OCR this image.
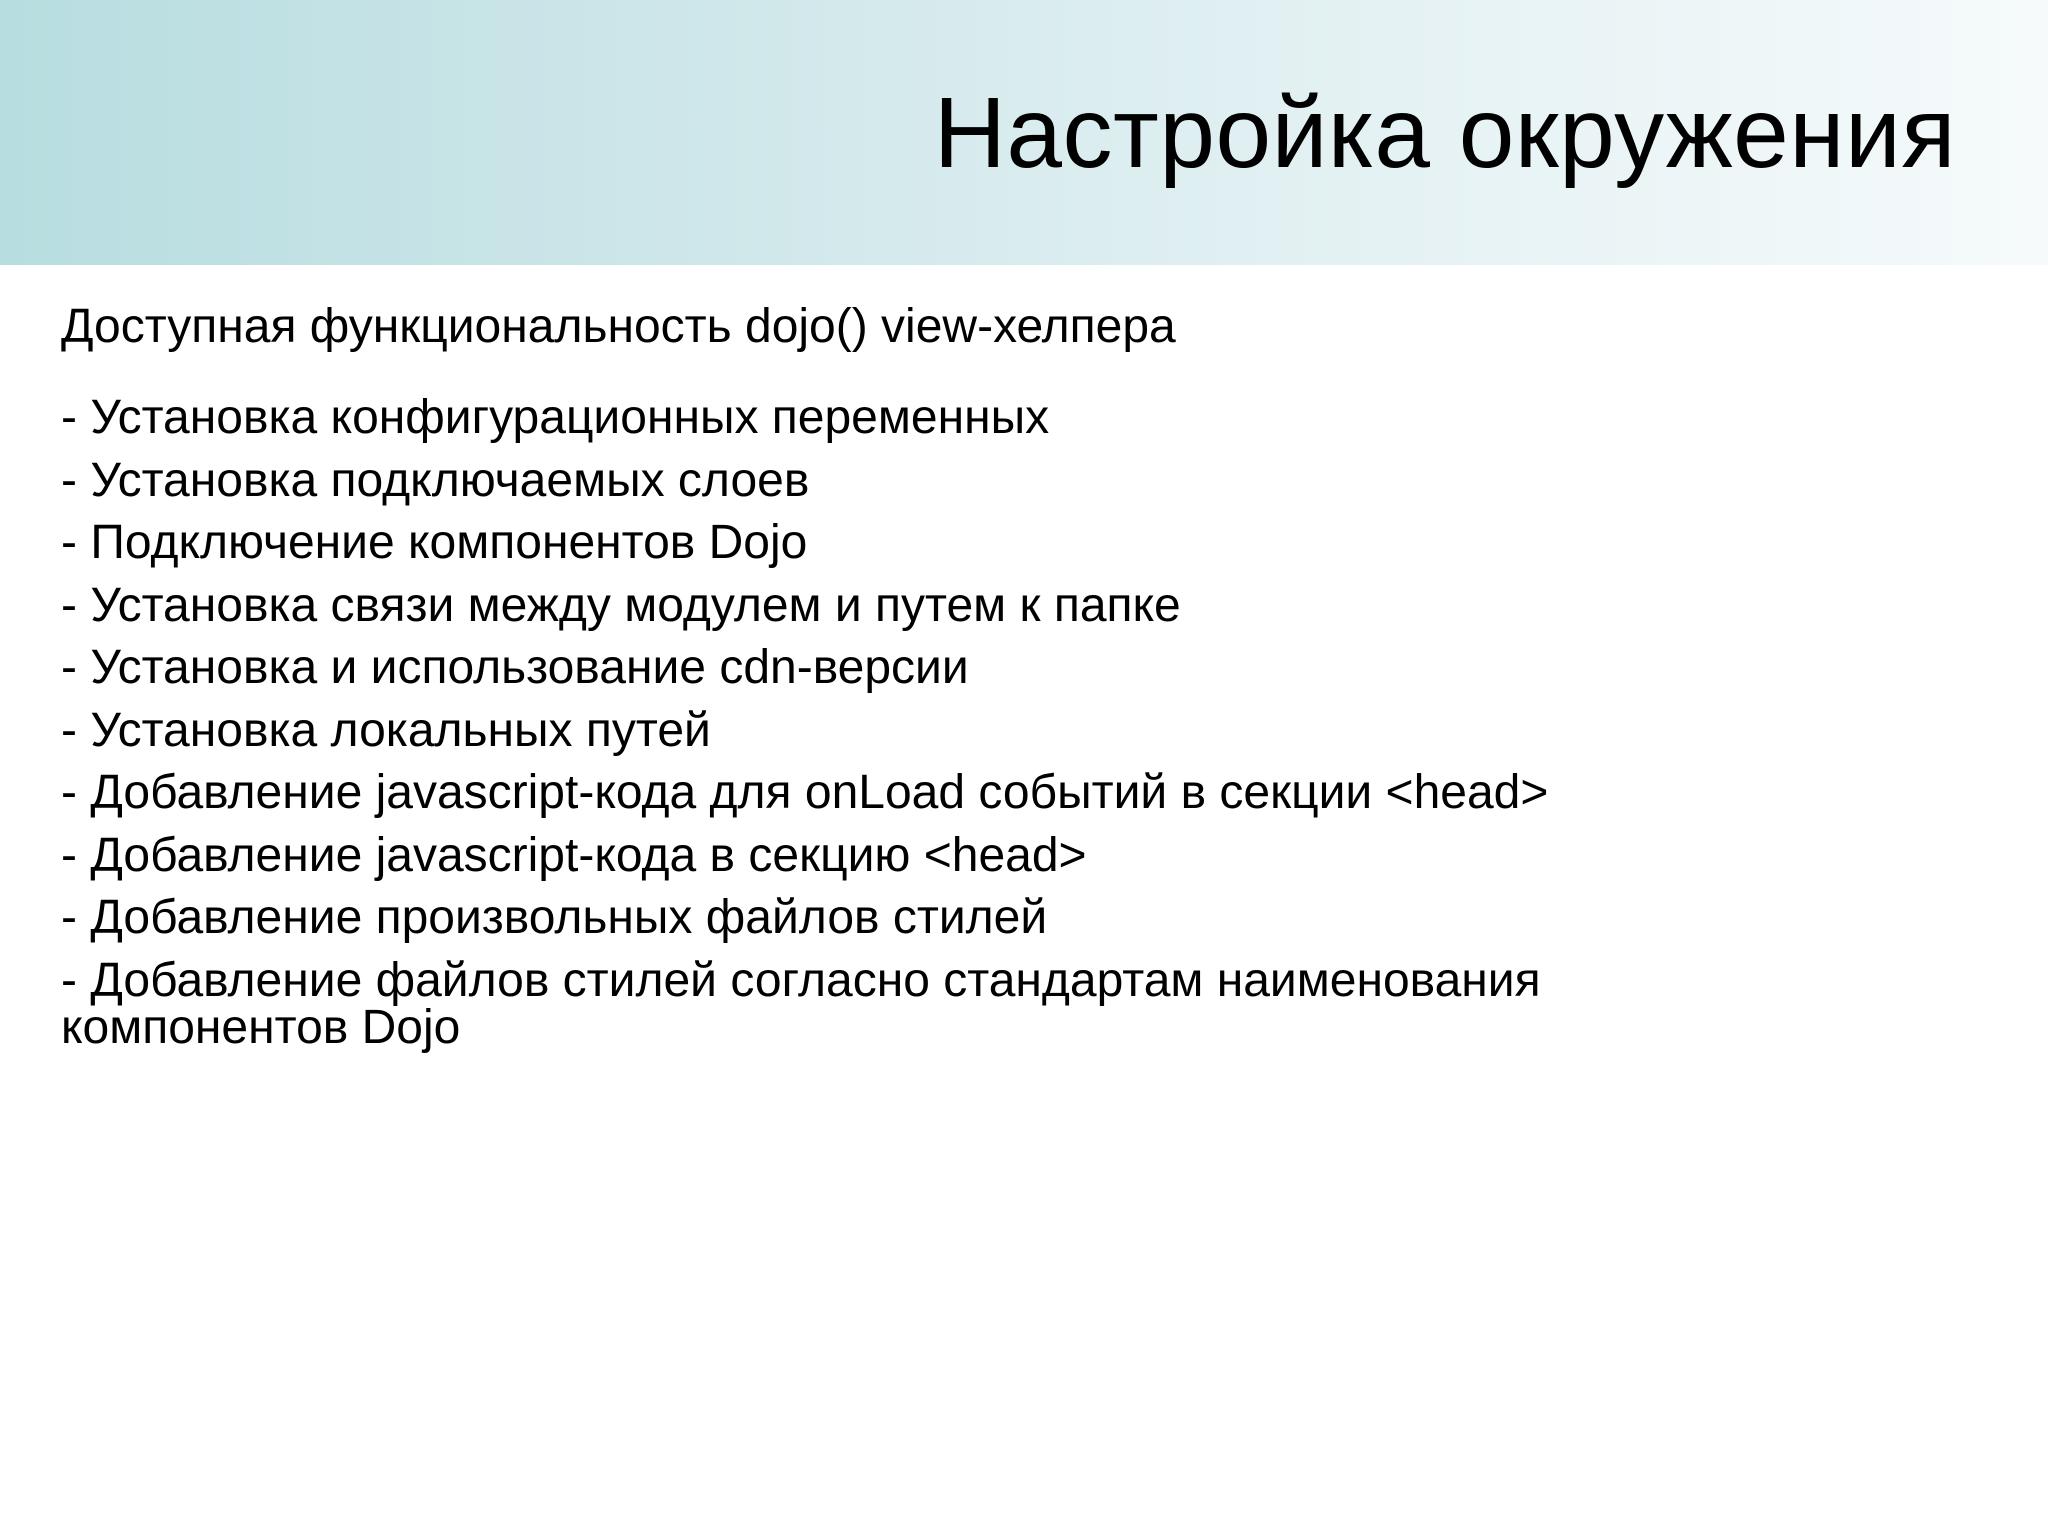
Настройка окружения

Доступная функциональность dojo() view-хелпера

- Установка конфигурационных переменных
- Установка подключаемых слоев
- Подключение компонентов Dojo
- Установка связи между модулем и путем к папке
- Установка и использование cdn-версии
- Установка локальных путей
- Добавление javascript-кода для onLoad событий в секции <head>
- Добавление javascript-кода в секцию <head>
- Добавление произвольных файлов стилей
- Добавление файлов стилей согласно стандартам наименования компонентов Dojo
